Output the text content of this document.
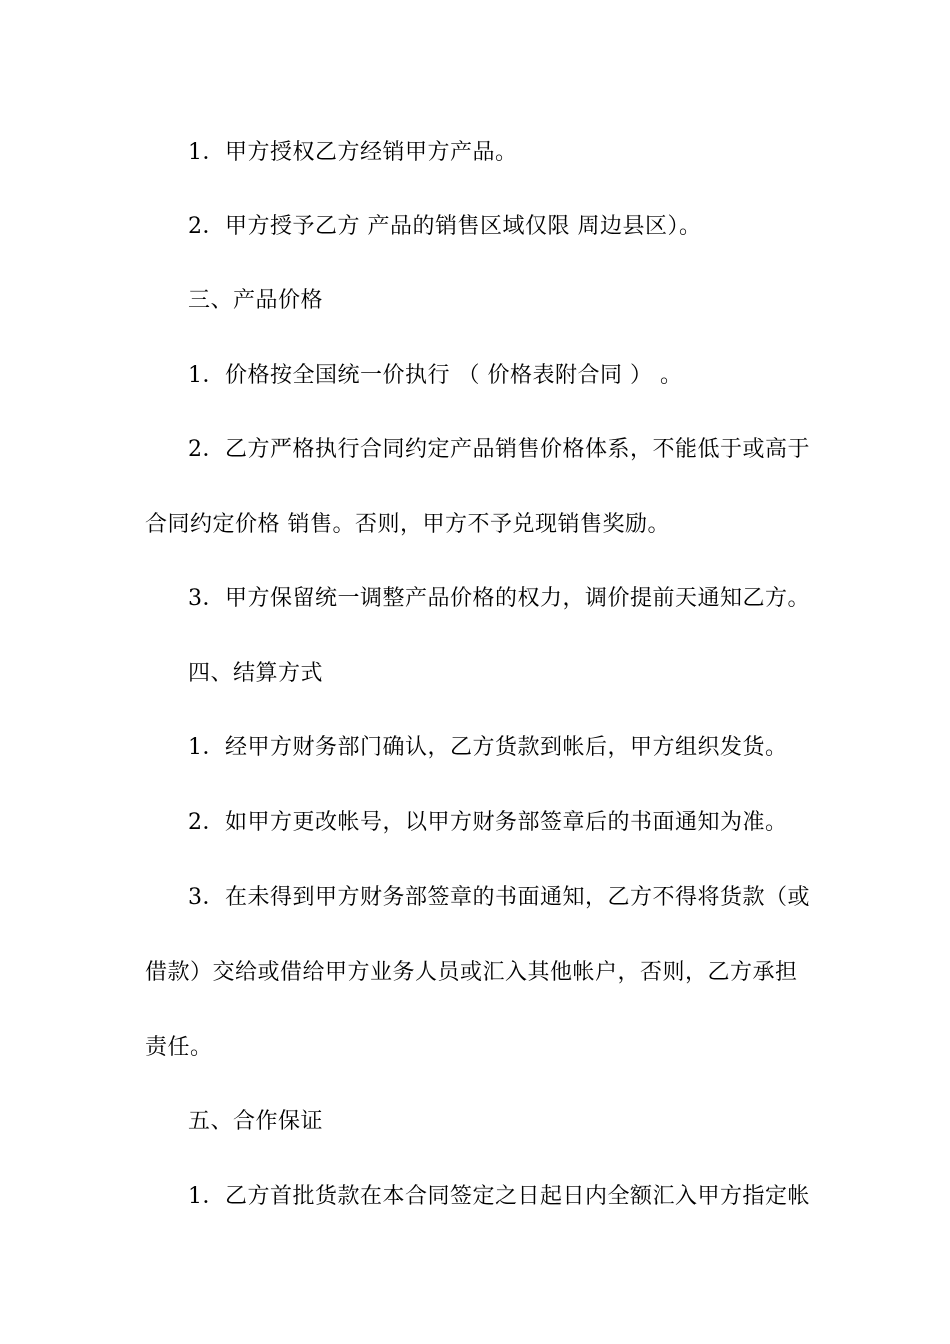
1．甲方授权乙方经销甲方产品。
2．甲方授予乙方 产品的销售区域仅限 周边县区）。
三、产品价格
1．价格按全国统一价执行 （ 价格表附合同 ） 。
2．乙方严格执行合同约定产品销售价格体系，不能低于或高于
合同约定价格 销售。否则，甲方不予兑现销售奖励。
3．甲方保留统一调整产品价格的权力，调价提前天通知乙方。
四、结算方式
1．经甲方财务部门确认，乙方货款到帐后，甲方组织发货。
2．如甲方更改帐号，以甲方财务部签章后的书面通知为准。
3．在未得到甲方财务部签章的书面通知，乙方不得将货款（或
借款）交给或借给甲方业务人员或汇入其他帐户，否则，乙方承担
责任。
五、合作保证
1．乙方首批货款在本合同签定之日起日内全额汇入甲方指定帐
